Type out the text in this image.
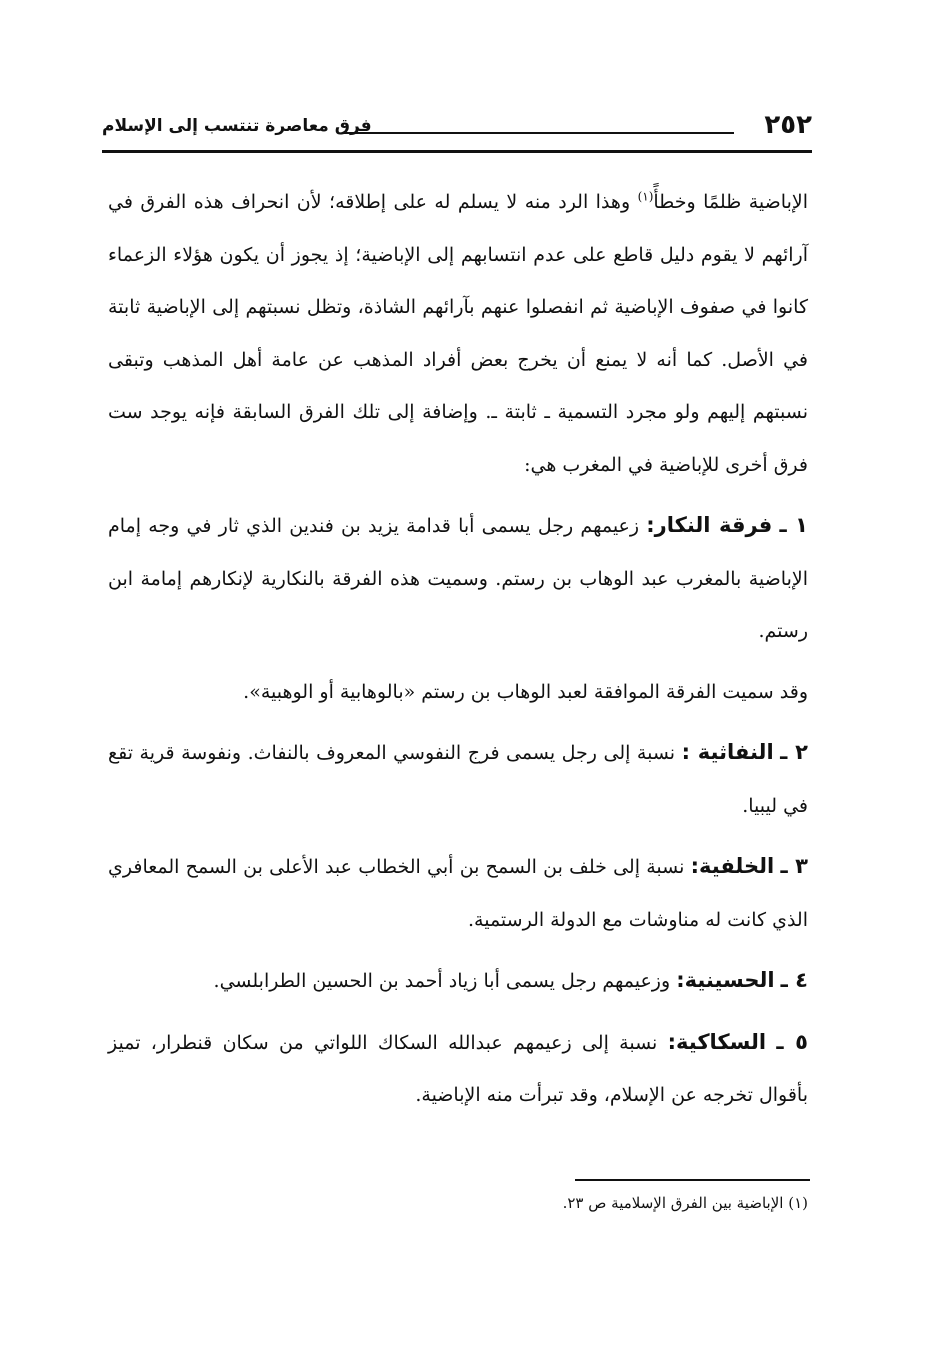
٢٥٢
فرق معاصرة تنتسب إلى الإسلام

الإباضية ظلمًا وخطأً$^{(١)}$ وهذا الرد منه لا يسلم له على إطلاقه؛ لأن انحراف هذه الفرق في آرائهم لا يقوم دليل قاطع على عدم انتسابهم إلى الإباضية؛ إذ يجوز أن يكون هؤلاء الزعماء كانوا في صفوف الإباضية ثم انفصلوا عنهم بآرائهم الشاذة، وتظل نسبتهم إلى الإباضية ثابتة في الأصل. كما أنه لا يمنع أن يخرج بعض أفراد المذهب عن عامة أهل المذهب وتبقى نسبتهم إليهم ولو مجرد التسمية ـ ثابتة ـ. وإضافة إلى تلك الفرق السابقة فإنه يوجد ست فرق أخرى للإباضية في المغرب هي:

١ ـ فرقة النكار: زعيمهم رجل يسمى أبا قدامة يزيد بن فندين الذي ثار في وجه إمام الإباضية بالمغرب عبد الوهاب بن رستم. وسميت هذه الفرقة بالنكارية لإنكارهم إمامة ابن رستم.

وقد سميت الفرقة الموافقة لعبد الوهاب بن رستم «بالوهابية أو الوهبية».

٢ ـ النفاثية : نسبة إلى رجل يسمى فرج النفوسي المعروف بالنفاث. ونفوسة قرية تقع في ليبيا.

٣ ـ الخلفية: نسبة إلى خلف بن السمح بن أبي الخطاب عبد الأعلى بن السمح المعافري الذي كانت له مناوشات مع الدولة الرستمية.

٤ ـ الحسينية: وزعيمهم رجل يسمى أبا زياد أحمد بن الحسين الطرابلسي.

٥ ـ السكاكية: نسبة إلى زعيمهم عبدالله السكاك اللواتي من سكان قنطرار، تميز بأقوال تخرجه عن الإسلام، وقد تبرأت منه الإباضية.

(١) الإباضية بين الفرق الإسلامية ص ٢٣.
